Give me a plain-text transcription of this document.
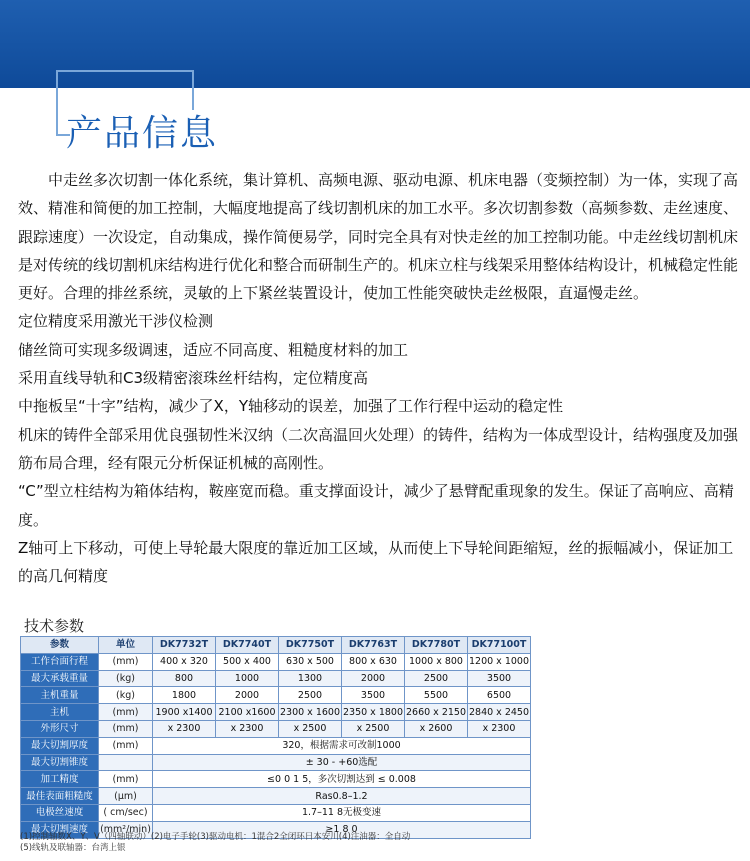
产品信息

中走丝多次切割一体化系统，集计算机、高频电源、驱动电源、机床电器（变频控制）为一体，实现了高效、精准和简便的加工控制，大幅度地提高了线切割机床的加工水平。多次切割参数（高频参数、走丝速度、跟踪速度）一次设定，自动集成，操作简便易学，同时完全具有对快走丝的加工控制功能。中走丝线切割机床是对传统的线切割机床结构进行优化和整合而研制生产的。机床立柱与线架采用整体结构设计，机械稳定性能更好。合理的排丝系统，灵敏的上下紧丝装置设计，使加工性能突破快走丝极限，直逼慢走丝。

定位精度采用激光干涉仪检测

储丝筒可实现多级调速，适应不同高度、粗糙度材料的加工

采用直线导轨和C3级精密滚珠丝杆结构，定位精度高

中拖板呈“十字”结构，减少了X，Y轴移动的误差，加强了工作行程中运动的稳定性

机床的铸件全部采用优良强韧性米汉纳（二次高温回火处理）的铸件，结构为一体成型设计，结构强度及加强筋布局合理，经有限元分析保证机械的高刚性。

“C”型立柱结构为箱体结构，鞍座宽而稳。重支撑面设计，减少了悬臂配重现象的发生。保证了高响应、高精度。

Z轴可上下移动，可使上导轮最大限度的靠近加工区域，从而使上下导轮间距缩短，丝的振幅减小，保证加工的高几何精度

技术参数
参数	单位	DK7732T	DK7740T	DK7750T	DK7763T	DK7780T	DK77100T
工作台面行程	(mm)	400 x 320	500 x 400	630 x 500	800 x 630	1000 x 800	1200 x 1000
最大承载重量	(kg)	800	1000	1300	2000	2500	3500
主机重量	(kg)	1800	2000	2500	3500	5500	6500
主机	(mm)	1900 x1400	2100 x1600	2300 x 1600	2350 x 1800	2660 x 2150	2840 x 2450
外形尺寸	(mm)	x 2300	x 2300	x 2500	x 2500	x 2600	x 2300
最大切割厚度	(mm)	320，根据需求可改制1000					
最大切割锥度		± 30 - +60选配					
加工精度	(mm)	≤0 0 1 5，多次切割达到 ≤ 0.008					
最佳表面粗糙度	(μm)	Ras0.8–1.2					
电极丝速度	( cm/sec)	1.7–11 8无极变速					
最大切割速度	(mm²/min)	≥1 8 0					

(1)控制轴数X、Y、V（四轴联动）(2)电子手轮(3)驱动电机：1混合2全闭环日本安川(4)注油器：全自动

(5)线轨及联轴器：台湾上银
